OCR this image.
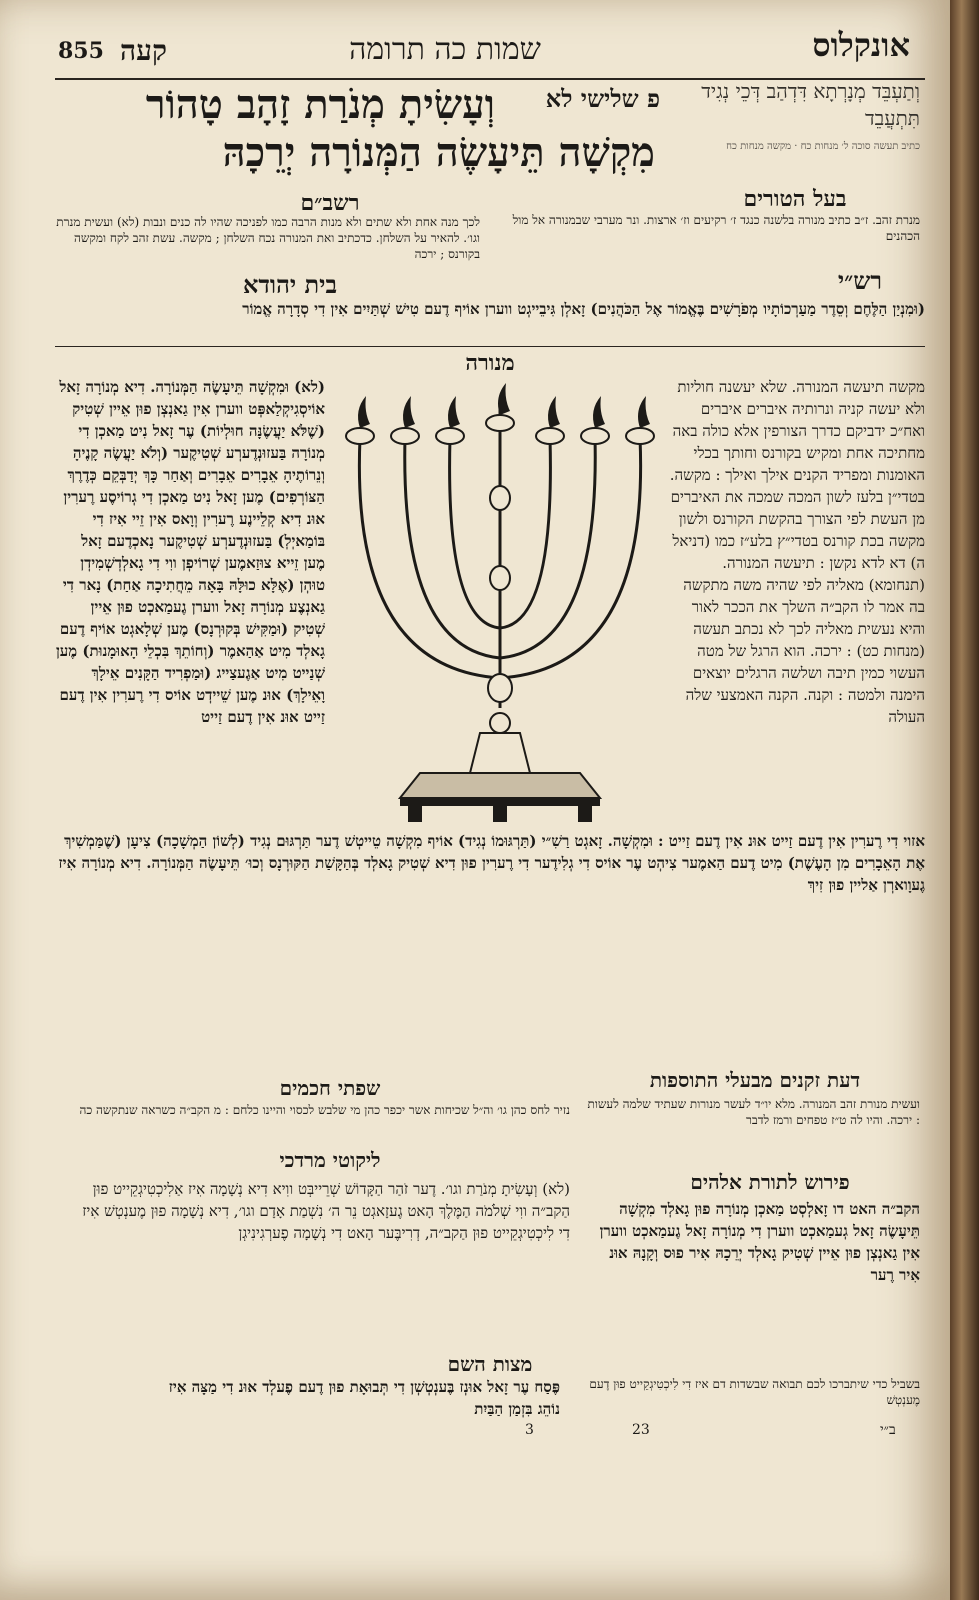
855 קעה	שמות כה תרומה	אונקלוס
פ שלישי לא
וְעָשִׂיתָ מְנֹרַת זָהָב טָהוֹר
מִקְשָׁה תֵּיעָשֶׂה הַמְּנוֹרָה יְרֵכָהּ
וְתַעְבֵּד מְנָרְתָא דִּדְהַב דְּכֵי נְגִיד תִּתְעֲבֵד
כתיב תעשה סוכה ל׳ מנחות כח · מקשה מנחות כח
בעל הטורים
מנרת זהב. ז״ב כתיב מנורה בלשנה כנגד ז׳ רקיעים וז׳ ארצות. ונר מערבי שבמנורה אל מול הכהנים
רשב״ם
לכך מנה אחת ולא שתים ולא מנות הרבה כמו לפניכה שהיו לה כנים ונבות (לא) ועשית מנרת וגו׳. להאיר על השלחן. כדכתיב ואת המנורה נכח השלחן ; מקשה. עשת זהב לקח ומקשה בקורנס ; ירכה
רש״י
בית יהודא
(וּמִנְיַן הַלֶּחֶם וְסֵדֶר מַעַרְכוֹתָיו מְפֹרָשִׁים בֶּאֱמוֹר אֶל הַכֹּהֲנִים) זָאלְן גִּיבֵייגְט ווערן אוֹיף דֶעם טִישׁ שְׁתַּיִים אִין דִי סְדָרָה אֱמוֹר
מנורה
(לא) וּמִקְשָׁה תֵּיעָשֶׂה הַמְּנוֹרָה. דִיא מְנוֹרָה זָאל אוֹיסְגִיקְלַאפְּט ווערן אִין גַאנְצְן פוּן אֵיין שְׁטִיק (שֶׁלֹּא יַעֲשֶׂנָּה חוּלְיוֹת) עֶר זָאל נִיט מַאכְן דִי מְנוֹרָה בַּעזוּנְדֶערְע שְׁטִיקֶער (וְלֹא יַעֲשֶׂה קָנֶיהָ וְנֵרוֹתֶיהָ אֵבָרִים אֵבָרִים וְאַחַר כָּךְ יְדַבְּקֵם כְּדֶרֶךְ הַצּוֹרְפִים) מֶען זָאל נִיט מַאכְן דִי גְרוֹיסֶע רֶערִין אוּנ דִיא קְלֵיינֶע רֶערִין וְוָאס אִין זֵיי אִיז דִי בּוֹמַאיְלְ) בַּעזוּנְדֶערְע שְׁטִיקֶער נָאכְדֶעם זָאל מֶען זֵייא צוּזַאמֶען שְׁרוֹיפְן ווִי דִי גָאלְדְשְׁמִידְן טוּהְן (אֶלָּא כוּלָּהּ בָּאָה מֵחֲתִיכָה אַחַת) נָאר דִי גַאנְצֶע מְנוֹרָה זָאל ווערן גֶעמַאכְט פוּן אֵיין שְׁטִיק (וּמַקִּישׁ בְּקוּרְנָס) מֶען שְׁלָאגְט אוֹיף דֶעם גָאלְד מִיט אַהַאמֶר (וְחוֹתֵךְ בִּכְלֵי הָאוּמָנוּת) מֶען שְׁנַייט מִיט אַגֶעצַייג (וּמַפְרִיד הַקָּנִים אֵילָךְ וָאֵילָךְ) אוּנ מֶען שֵׁיידְט אוֹיס דִי רֶערִין אִין דֶעם זַייט אוּנ אִין דֶעם זַייט
מקשה תיעשה המנורה. שלא יעשנה חוליות ולא יעשה קניה ונרותיה איברים איברים ואח״כ ידביקם כדרך הצורפין אלא כולה באה מחתיכה אחת ומקיש בקורנס וחותך בכלי האומנות ומפריד הקנים אילך ואילך : מקשה. בטדי״ן בלעז לשון המכה שמכה את האיברים מן העשת לפי הצורך בהקשת הקורנס ולשון מקשה בכת קורנס בטדי״ץ בלע״ז כמו (דניאל ה) דא לדא נקשן : תיעשה המנורה. (תנחומא) מאליה לפי שהיה משה מתקשה בה אמר לו הקב״ה השלך את הככר לאור והיא נעשית מאליה לכך לא נכתב תעשה (מנחות כט) : ירכה. הוא הרגל של מטה העשוי כמין תיבה ושלשה הרגלים יוצאים הימנה ולמטה : וקנה. הקנה האמצעי שלה העולה
אזוי דִי רֶערִין אִין דֶעם זַייט אוּנ אִין דֶעם זַייט : וּמִקְשָׁה. זָאגְט רַשִׁ״י (תַּרְגּוּמוֹ נְגִיד) אוֹיף מִקְשָׁה טֵייטְשׁ דֶער תַּרְגּוּם נְגִיד (לְשׁוֹן הַמְשָׁכָה) צִיעָן (שֶׁמַּמְשִׁיךְ אֶת הָאֵבָרִים מִן הָעֶשֶׁת) מִיט דֶעם הַאמֶער צִיהְט עֶר אוֹיס דִי גְלִידֶער דִי רֶערִין פוּן דִיא שְׁטִיק גָאלְד בְּהַקָּשַׁת הַקּוּרְנָס וְכוּ׳ תֵּיעָשֶׂה הַמְּנוֹרָה. דִיא מְנוֹרָה אִיז גֶעוָוארְן אַליין פוּן זִיךְ
דעת זקנים מבעלי התוספות
ועשית מנורת זהב המנורה. מלא יו״ד לעשר מנורות שעתיד שלמה לעשות : ירכה. והיו לה ט״ז טפחים ורמז לדבר
שפתי חכמים
נזיר לחס כהן גו׳ וה״ל שכיחות אשר יכפר כהן מי שלבש לכסוי והיינו כלחם : מ הקב״ה כשראה שנתקשה כה
ליקוטי מרדכי
(לא) וְעָשִׂיתָ מְנֹרַת וגו׳. דֶער זֹהַר הַקָּדוֹשׁ שְׁרֵייבְּט ווִיא דִיא נְשָׁמָה אִיז אַלִיכְטִיגְקֵייט פוּן הַקב״ה ווִי שְׁלֹמֹה הַמֶּלֶךְ הָאט גֶעזָאגְט נֵר ה׳ נִשְׁמַת אָדָם וגו׳, דִיא נְשָׁמָה פוּן מֶענְטְשׁ אִיז דִי לִיכְטִיגְקֵייט פוּן הַקב״ה, דְרִיבֶּער הָאט דִי נְשָׁמָה פֶערְגִינִיגְן
פירוש לתורת אלהים
הקב״ה האט דו זָאלְסְט מַאכְן מְנוֹרָה פוּן גָאלְד מִקְשָׁה תֵּיעָשֶׂה זָאל גְעמַאכְט ווערן דִי מְנוֹרָה זָאל גֶעמַאכְט ווערן אִין גַאנְצְן פוּן אֵיין שְׁטִיק גָאלְד יְרֵכָהּ אִיר פוּס וְקָנָהּ אוּנ אִיר רֶער
מצות השם
פֶּסַח עֶר זָאל אוּנְז בֶּענְטְשְׁן דִי תְּבוּאָת פוּן דֶעם פֶעלְד אוּנ דִי מַצָּה אִיז נוֹהֵג בִּזְמַן הַבַּיִת
בשביל כדי שיתברכו לכם תבואה שבשדות דם איז דִי לִיכְטִיגְקֵייט פוּן דֶעם מֶענְטְשׁ
3	23	ב״י
